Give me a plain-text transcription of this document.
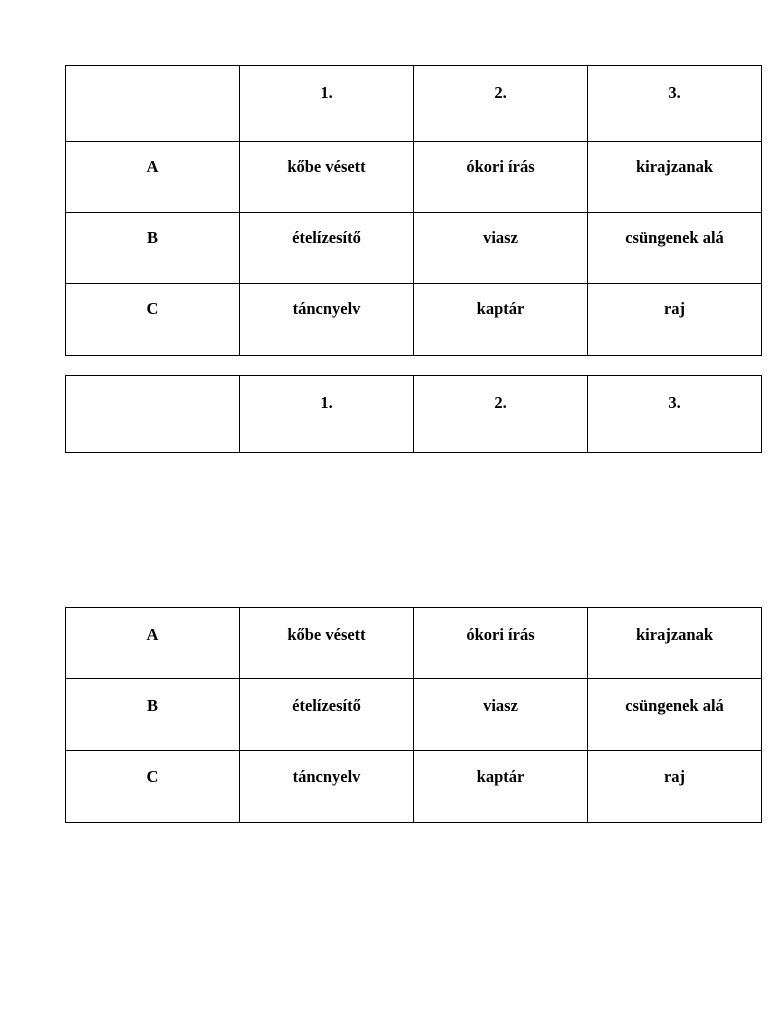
	1.	2.	3.
A	kőbe vésett	ókori írás	kirajzanak
B	ételízesítő	viasz	csüngenek alá
C	táncnyelv	kaptár	raj
	1.	2.	3.
A	kőbe vésett	ókori írás	kirajzanak
B	ételízesítő	viasz	csüngenek alá
C	táncnyelv	kaptár	raj
